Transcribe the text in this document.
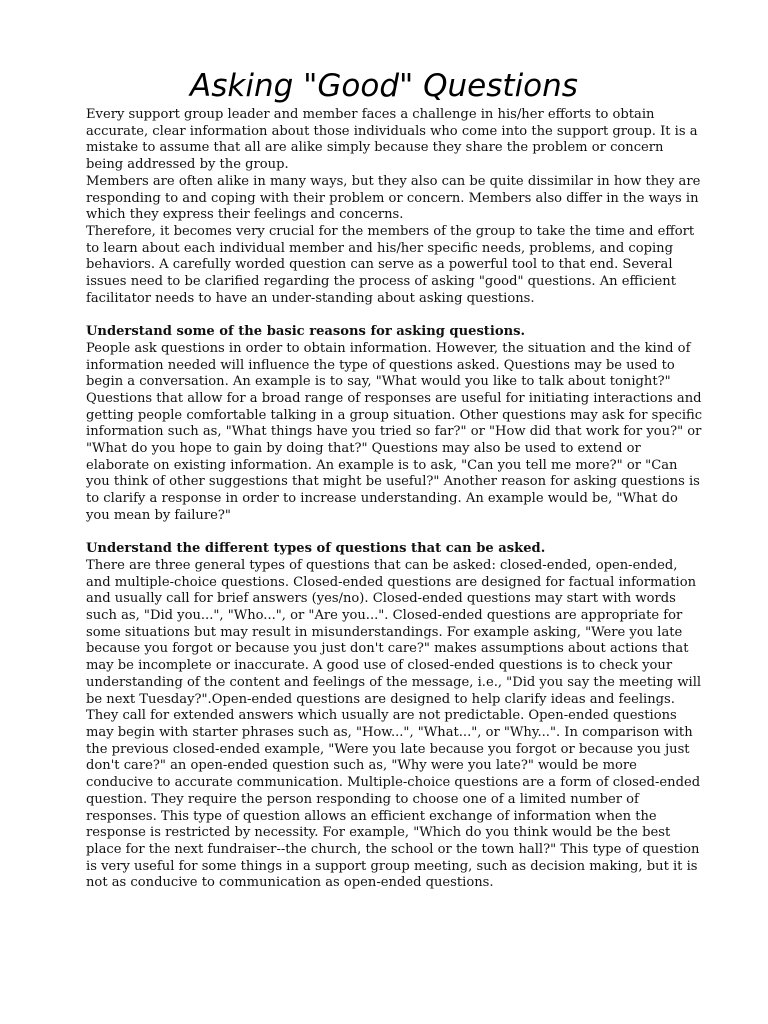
Asking "Good" Questions

Every support group leader and member faces a challenge in his/her efforts to obtain accurate, clear information about those individuals who come into the support group. It is a mistake to assume that all are alike simply because they share the problem or concern being addressed by the group.

Members are often alike in many ways, but they also can be quite dissimilar in how they are responding to and coping with their problem or concern. Members also differ in the ways in which they express their feelings and concerns.

Therefore, it becomes very crucial for the members of the group to take the time and effort to learn about each individual member and his/her specific needs, problems, and coping behaviors. A carefully worded question can serve as a powerful tool to that end. Several issues need to be clarified regarding the process of asking "good" questions. An efficient facilitator needs to have an under-standing about asking questions.

Understand some of the basic reasons for asking questions.

People ask questions in order to obtain information. However, the situation and the kind of information needed will influence the type of questions asked. Questions may be used to begin a conversation. An example is to say, "What would you like to talk about tonight?" Questions that allow for a broad range of responses are useful for initiating interactions and getting people comfortable talking in a group situation. Other questions may ask for specific information such as, "What things have you tried so far?" or "How did that work for you?" or "What do you hope to gain by doing that?" Questions may also be used to extend or elaborate on existing information. An example is to ask, "Can you tell me more?" or "Can you think of other suggestions that might be useful?" Another reason for asking questions is to clarify a response in order to increase understanding. An example would be, "What do you mean by failure?"

Understand the different types of questions that can be asked.

There are three general types of questions that can be asked: closed-ended, open-ended, and multiple-choice questions. Closed-ended questions are designed for factual information and usually call for brief answers (yes/no). Closed-ended questions may start with words such as, "Did you...", "Who...", or "Are you...". Closed-ended questions are appropriate for some situations but may result in misunderstandings. For example asking, "Were you late because you forgot or because you just don't care?" makes assumptions about actions that may be incomplete or inaccurate. A good use of closed-ended questions is to check your understanding of the content and feelings of the message, i.e., "Did you say the meeting will be next Tuesday?".Open-ended questions are designed to help clarify ideas and feelings. They call for extended answers which usually are not predictable. Open-ended questions may begin with starter phrases such as, "How...", "What...", or "Why...". In comparison with the previous closed-ended example, "Were you late because you forgot or because you just don't care?" an open-ended question such as, "Why were you late?" would be more conducive to accurate communication. Multiple-choice questions are a form of closed-ended question. They require the person responding to choose one of a limited number of responses. This type of question allows an efficient exchange of information when the response is restricted by necessity. For example, "Which do you think would be the best place for the next fundraiser--the church, the school or the town hall?" This type of question is very useful for some things in a support group meeting, such as decision making, but it is not as conducive to communication as open-ended questions.
